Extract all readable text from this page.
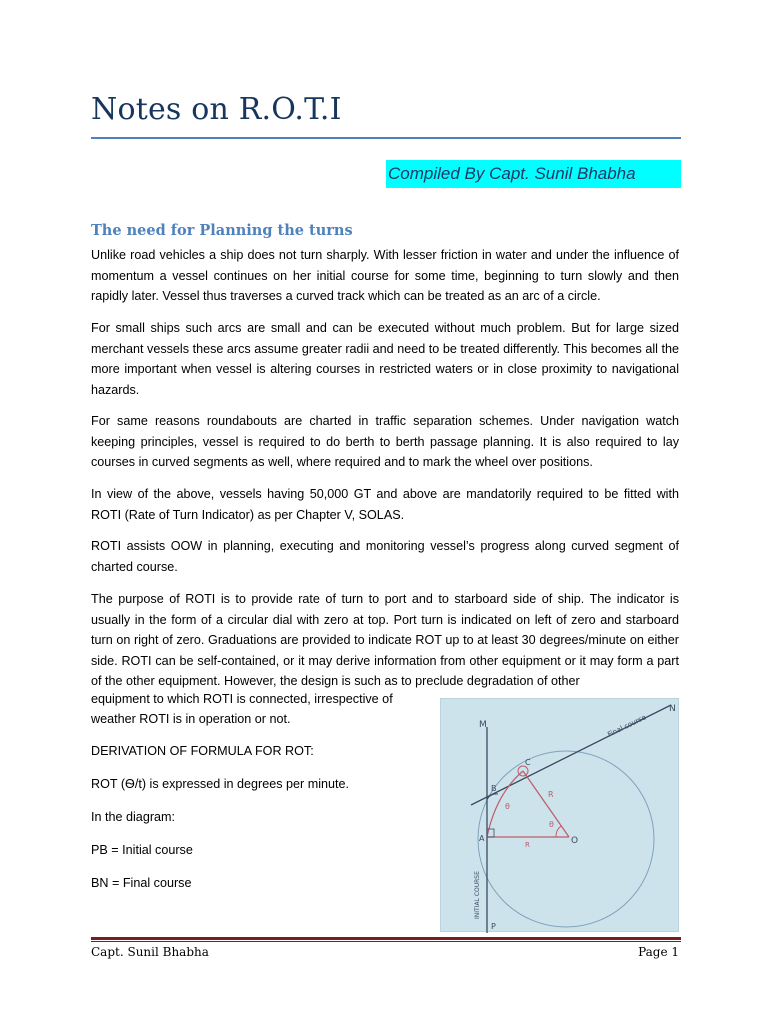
Notes on R.O.T.I
Compiled By Capt. Sunil Bhabha
The need for Planning the turns

Unlike road vehicles a ship does not turn sharply. With lesser friction in water and under the influence of momentum a vessel continues on her initial course for some time, beginning to turn slowly and then rapidly later. Vessel thus traverses a curved track which can be treated as an arc of a circle.

For small ships such arcs are small and can be executed without much problem. But for large sized merchant vessels these arcs assume greater radii and need to be treated differently. This becomes all the more important when vessel is altering courses in restricted waters or in close proximity to navigational hazards.

For same reasons roundabouts are charted in traffic separation schemes. Under navigation watch keeping principles, vessel is required to do berth to berth passage planning. It is also required to lay courses in curved segments as well, where required and to mark the wheel over positions.

In view of the above, vessels having 50,000 GT and above are mandatorily required to be fitted with ROTI (Rate of Turn Indicator) as per Chapter V, SOLAS.

ROTI assists OOW in planning, executing and monitoring vessel’s progress along curved segment of charted course.

The purpose of ROTI is to provide rate of turn to port and to starboard side of ship. The indicator is usually in the form of a circular dial with zero at top. Port turn is indicated on left of zero and starboard turn on right of zero. Graduations are provided to indicate ROT up to at least 30 degrees/minute on either side. ROTI can be self-contained, or it may derive information from other equipment or it may form a part of the other equipment. However, the design is such as to preclude degradation of other

equipment to which ROTI is connected, irrespective of
weather ROTI is in operation or not.
DERIVATION OF FORMULA FOR ROT:
ROT (Ѳ/t) is expressed in degrees per minute.
In the diagram:
PB = Initial course
BN = Final course
M
N
Final course
C
B
A	O
R
R
θ
θ
P
INITIAL COURSE
Capt. Sunil Bhabha	Page 1
